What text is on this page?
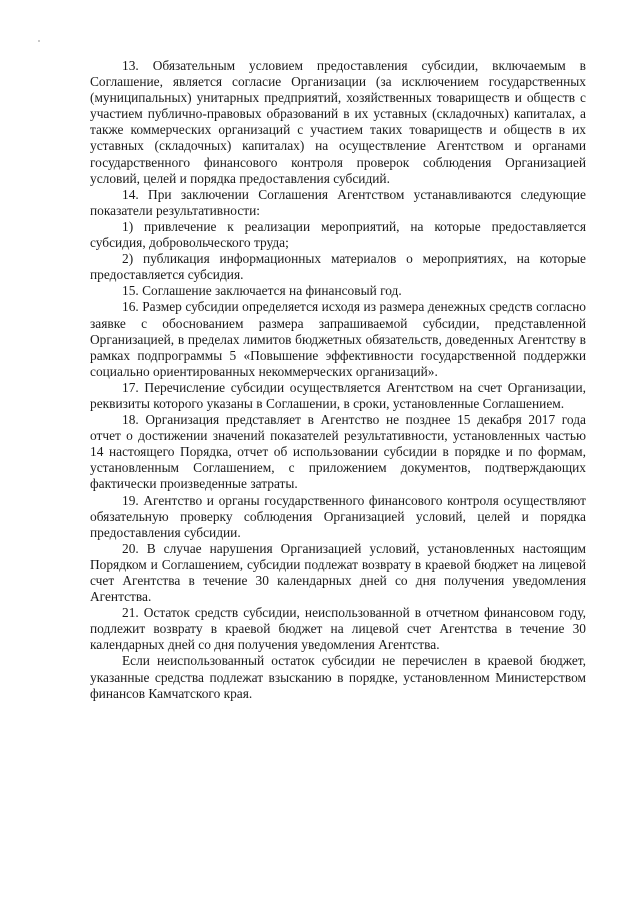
13. Обязательным условием предоставления субсидии, включаемым в Соглашение, является согласие Организации (за исключением государственных (муниципальных) унитарных предприятий, хозяйственных товариществ и обществ с участием публично-правовых образований в их уставных (складочных) капиталах, а также коммерческих организаций с участием таких товариществ и обществ в их уставных (складочных) капиталах) на осуществление Агентством и органами государственного финансового контроля проверок соблюдения Организацией условий, целей и порядка предоставления субсидий.

14. При заключении Соглашения Агентством устанавливаются следующие показатели результативности:

1) привлечение к реализации мероприятий, на которые предоставляется субсидия, добровольческого труда;

2) публикация информационных материалов о мероприятиях, на которые предоставляется субсидия.

15. Соглашение заключается на финансовый год.

16. Размер субсидии определяется исходя из размера денежных средств согласно заявке с обоснованием размера запрашиваемой субсидии, представленной Организацией, в пределах лимитов бюджетных обязательств, доведенных Агентству в рамках подпрограммы 5 «Повышение эффективности государственной поддержки социально ориентированных некоммерческих организаций».

17. Перечисление субсидии осуществляется Агентством на счет Организации, реквизиты которого указаны в Соглашении, в сроки, установленные Соглашением.

18. Организация представляет в Агентство не позднее 15 декабря 2017 года отчет о достижении значений показателей результативности, установленных частью 14 настоящего Порядка, отчет об использовании субсидии в порядке и по формам, установленным Соглашением, с приложением документов, подтверждающих фактически произведенные затраты.

19. Агентство и органы государственного финансового контроля осуществляют обязательную проверку соблюдения Организацией условий, целей и порядка предоставления субсидии.

20. В случае нарушения Организацией условий, установленных настоящим Порядком и Соглашением, субсидии подлежат возврату в краевой бюджет на лицевой счет Агентства в течение 30 календарных дней со дня получения уведомления Агентства.

21. Остаток средств субсидии, неиспользованной в отчетном финансовом году, подлежит возврату в краевой бюджет на лицевой счет Агентства в течение 30 календарных дней со дня получения уведомления Агентства.

Если неиспользованный остаток субсидии не перечислен в краевой бюджет, указанные средства подлежат взысканию в порядке, установленном Министерством финансов Камчатского края.
